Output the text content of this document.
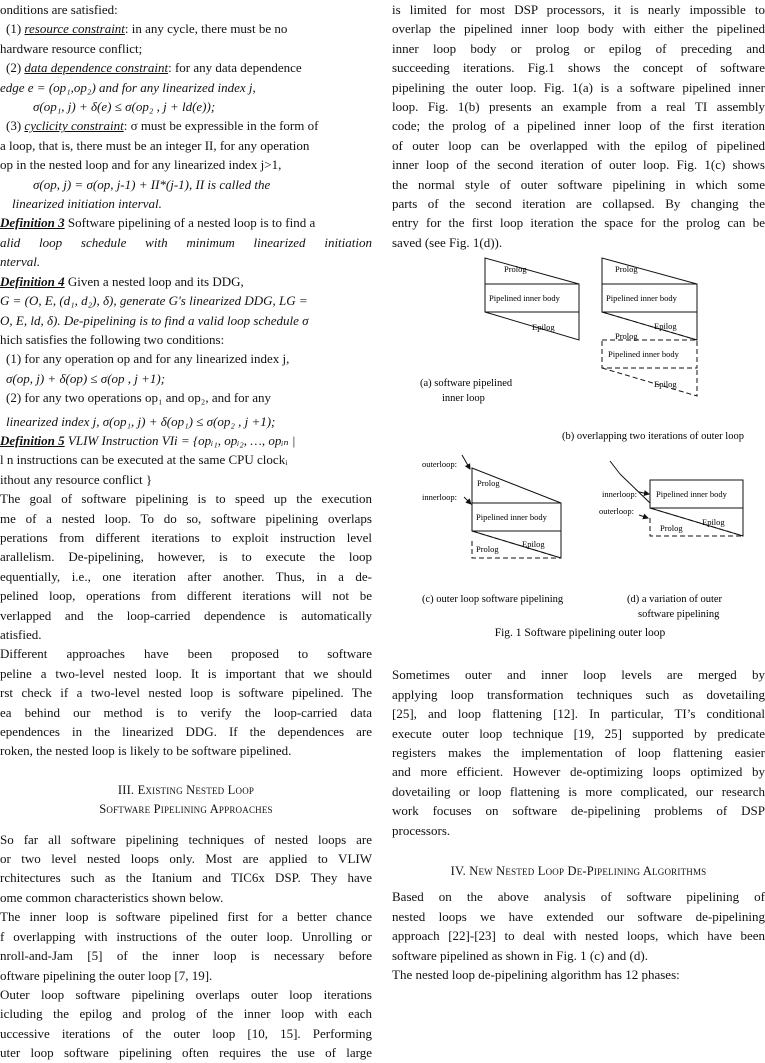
onditions are satisfied:

(1) resource constraint: in any cycle, there must be no

hardware resource conflict;

(2) data dependence constraint: for any data dependence

edge e = (op₁,op₂) and for any linearized index j,

σ(op₁, j) + δ(e) ≤ σ(op₂ , j + ld(e));

(3) cyclicity constraint: σ must be expressible in the form of

a loop, that is, there must be an integer II, for any operation

op in the nested loop and for any linearized index j>1,

σ(op, j) = σ(op, j-1) + II*(j-1), II is called the

linearized initiation interval.

Definition 3 Software pipelining of a nested loop is to find a

alid loop schedule with minimum linearized initiation

nterval.

Definition 4 Given a nested loop and its DDG,

G = (O, E, (d₁, d₂), δ), generate G's linearized DDG, LG =

O, E, ld, δ). De-pipelining is to find a valid loop schedule σ

hich satisfies the following two conditions:

(1) for any operation op and for any linearized index j,

σ(op, j) + δ(op) ≤ σ(op , j +1);

(2) for any two operations op₁ and op₂, and for any

linearized index j, σ(op₁, j) + δ(op₁) ≤ σ(op₂ , j +1);

Definition 5 VLIW Instruction VIi = {opᵢ₁, opᵢ₂, …, opᵢₙ |

l n instructions can be executed at the same CPU clockᵢ

ithout any resource conflict }

The goal of software pipelining is to speed up the execution

me of a nested loop. To do so, software pipelining overlaps

perations from different iterations to exploit instruction level

arallelism. De-pipelining, however, is to execute the loop

equentially, i.e., one iteration after another. Thus, in a de-

pelined loop, operations from different iterations will not be

verlapped and the loop-carried dependence is automatically

atisfied.

Different approaches have been proposed to software

peline a two-level nested loop. It is important that we should

rst check if a two-level nested loop is software pipelined. The

ea behind our method is to verify the loop-carried data

ependences in the linearized DDG. If the dependences are

roken, the nested loop is likely to be software pipelined.

III. Existing Nested Loop

Software Pipelining Approaches

So far all software pipelining techniques of nested loops are

or two level nested loops only. Most are applied to VLIW

rchitectures such as the Itanium and TIC6x DSP. They have

ome common characteristics shown below.

The inner loop is software pipelined first for a better chance

f overlapping with instructions of the outer loop. Unrolling or

nroll-and-Jam [5] of the inner loop is necessary before

oftware pipelining the outer loop [7, 19].

Outer loop software pipelining overlaps outer loop iterations

icluding the epilog and prolog of the inner loop with each

uccessive iterations of the outer loop [10, 15]. Performing

uter loop software pipelining often requires the use of large

is limited for most DSP processors, it is nearly impossible to

overlap the pipelined inner loop body with either the pipelined

inner loop body or prolog or epilog of preceding and

succeeding iterations. Fig.1 shows the concept of software

pipelining the outer loop. Fig. 1(a) is a software pipelined inner

loop. Fig. 1(b) presents an example from a real TI assembly

code; the prolog of a pipelined inner loop of the first iteration

of outer loop can be overlapped with the epilog of pipelined

inner loop of the second iteration of outer loop. Fig. 1(c) shows

the normal style of outer software pipelining in which some

parts of the second iteration are collapsed. By changing the

entry for the first loop iteration the space for the prolog can be

saved (see Fig. 1(d)).

Prolog
Pipelined inner body
Epilog
(a) software pipelined
inner loop
Prolog
Pipelined inner body
Epilog
Prolog
Pipelined inner body
Epilog
(b) overlapping two iterations of outer loop
outerloop:
innerloop:
Prolog
Pipelined inner body
Epilog
Prolog
(c) outer loop software pipelining
innerloop: Pipelined inner body
outerloop:
Epilog
Prolog
(d) a variation of outer
software pipelining
Fig. 1 Software pipelining outer loop

Sometimes outer and inner loop levels are merged by

applying loop transformation techniques such as dovetailing

[25], and loop flattening [12]. In particular, TI’s conditional

execute outer loop technique [19, 25] supported by predicate

registers makes the implementation of loop flattening easier

and more efficient. However de-optimizing loops optimized by

dovetailing or loop flattening is more complicated, our research

work focuses on software de-pipelining problems of DSP

processors.

IV. New Nested Loop De-Pipelining Algorithms

Based on the above analysis of software pipelining of

nested loops we have extended our software de-pipelining

approach [22]-[23] to deal with nested loops, which have been

software pipelined as shown in Fig. 1 (c) and (d).

The nested loop de-pipelining algorithm has 12 phases:
